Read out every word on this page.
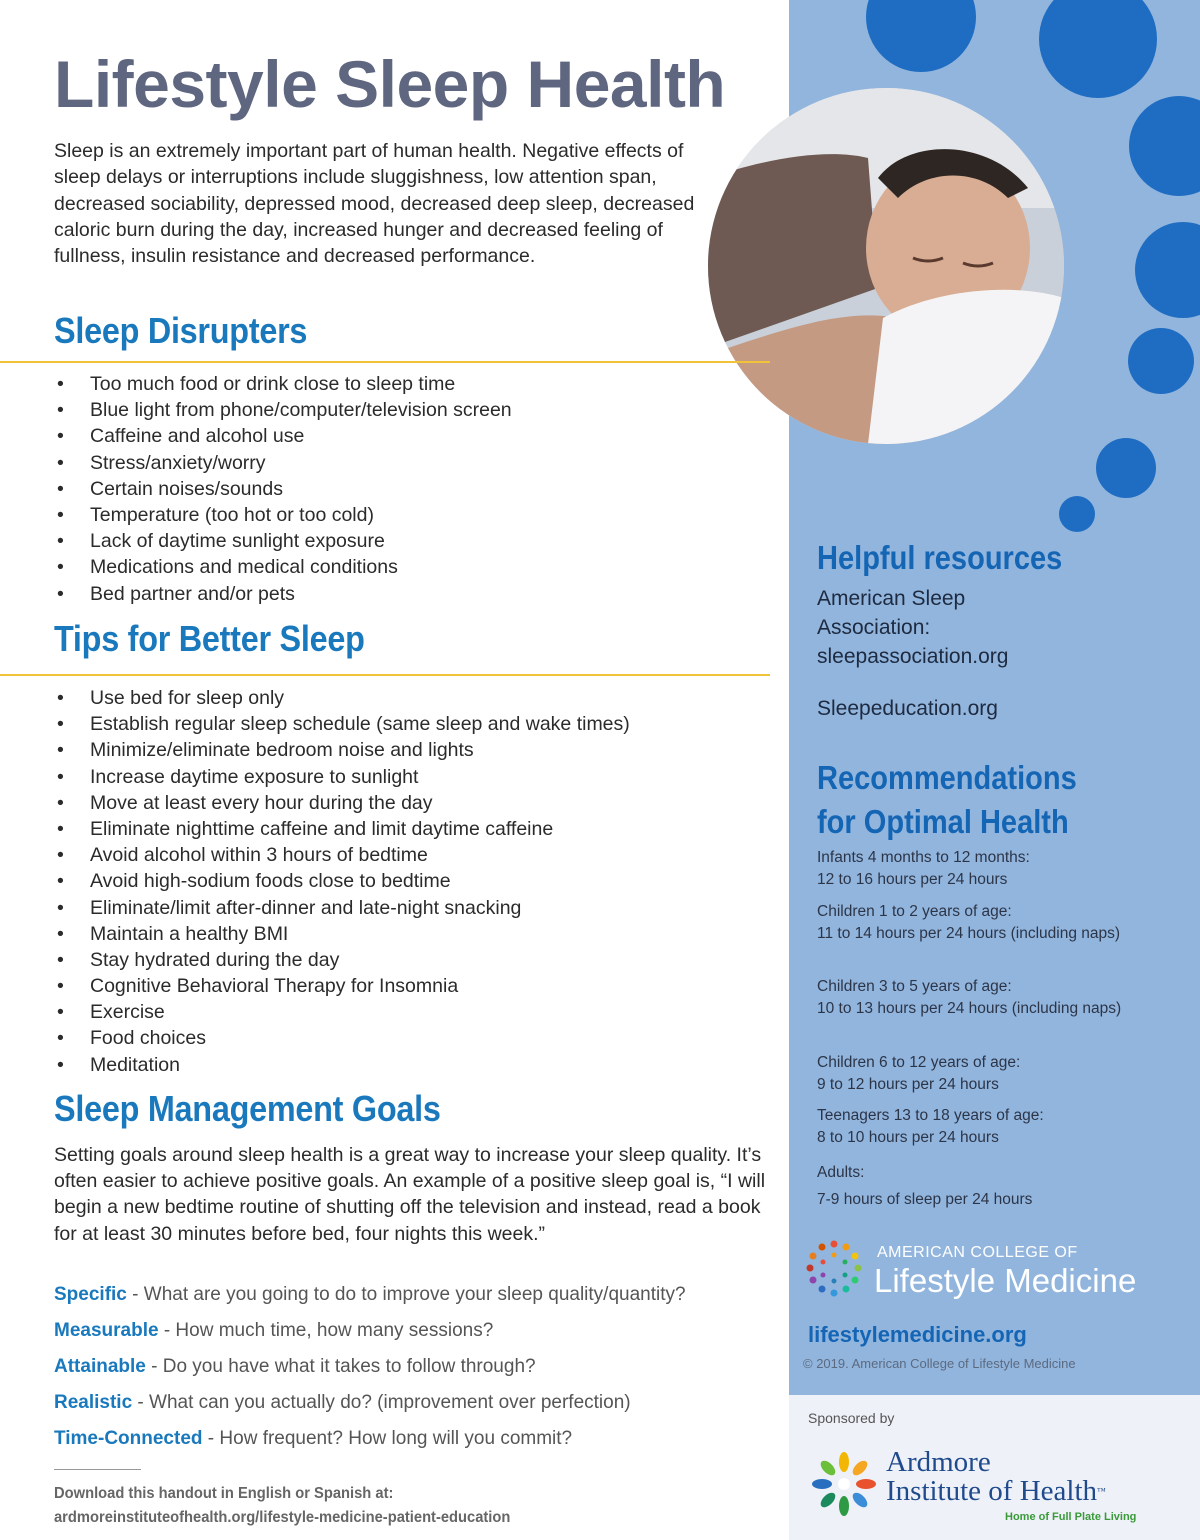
Lifestyle Sleep Health

Sleep is an extremely important part of human health. Negative effects of sleep delays or interruptions include sluggishness, low attention span, decreased sociability, depressed mood, decreased deep sleep, decreased caloric burn during the day, increased hunger and decreased feeling of fullness, insulin resistance and decreased performance.

Sleep Disrupters
• Too much food or drink close to sleep time
• Blue light from phone/computer/television screen
• Caffeine and alcohol use
• Stress/anxiety/worry
• Certain noises/sounds
• Temperature (too hot or too cold)
• Lack of daytime sunlight exposure
• Medications and medical conditions
• Bed partner and/or pets
Tips for Better Sleep
• Use bed for sleep only
• Establish regular sleep schedule (same sleep and wake times)
• Minimize/eliminate bedroom noise and lights
• Increase daytime exposure to sunlight
• Move at least every hour during the day
• Eliminate nighttime caffeine and limit daytime caffeine
• Avoid alcohol within 3 hours of bedtime
• Avoid high-sodium foods close to bedtime
• Eliminate/limit after-dinner and late-night snacking
• Maintain a healthy BMI
• Stay hydrated during the day
• Cognitive Behavioral Therapy for Insomnia
• Exercise
• Food choices
• Meditation
Sleep Management Goals

Setting goals around sleep health is a great way to increase your sleep quality. It’s often easier to achieve positive goals. An example of a positive sleep goal is, “I will begin a new bedtime routine of shutting off the television and instead, read a book for at least 30 minutes before bed, four nights this week.”

Specific - What are you going to do to improve your sleep quality/quantity?

Measurable - How much time, how many sessions?

Attainable - Do you have what it takes to follow through?

Realistic - What can you actually do? (improvement over perfection)

Time-Connected - How frequent? How long will you commit?

Download this handout in English or Spanish at:
ardmoreinstituteofhealth.org/lifestyle-medicine-patient-education

Helpful resources

American Sleep
Association:
sleepassociation.org

Sleepeducation.org

Recommendations
for Optimal Health

Infants 4 months to 12 months:
12 to 16 hours per 24 hours

Children 1 to 2 years of age:
11 to 14 hours per 24 hours (including naps)

Children 3 to 5 years of age:
10 to 13 hours per 24 hours (including naps)

Children 6 to 12 years of age:
9 to 12 hours per 24 hours

Teenagers 13 to 18 years of age:
8 to 10 hours per 24 hours

Adults:
7-9 hours of sleep per 24 hours

AMERICAN COLLEGE OF

Lifestyle Medicine

lifestylemedicine.org

© 2019. American College of Lifestyle Medicine

Sponsored by

Ardmore
Institute of Health™

Home of Full Plate Living
